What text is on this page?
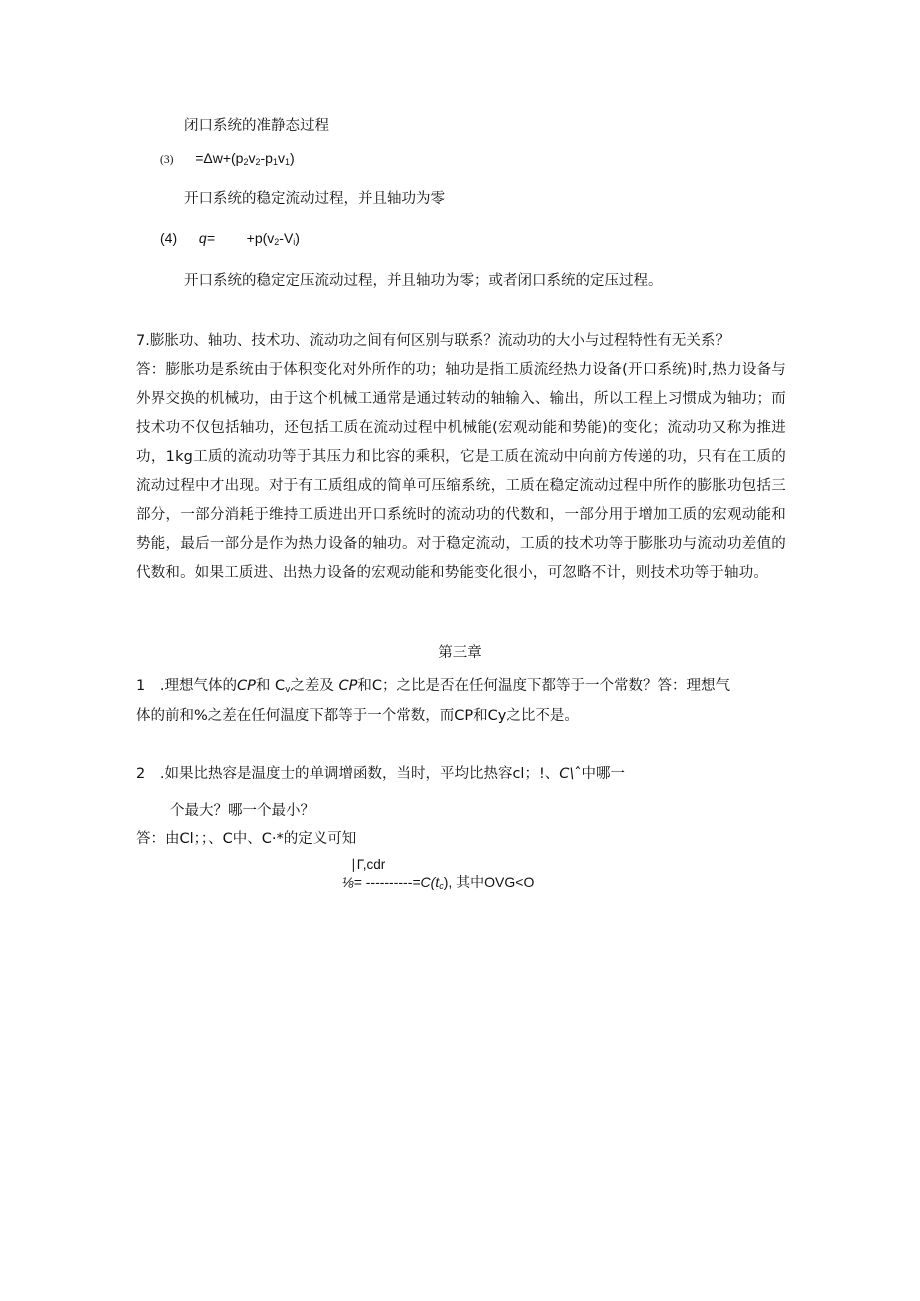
闭口系统的准静态过程
$(3) =\Delta w+(p_2v_2-p_1v_1)$
开口系统的稳定流动过程，并且轴功为零
(4) $q= +p(v_2-V_i)$
开口系统的稳定定压流动过程，并且轴功为零；或者闭口系统的定压过程。
7.膨胀功、轴功、技术功、流动功之间有何区别与联系？流动功的大小与过程特性有无关系？
答：膨胀功是系统由于体积变化对外所作的功；轴功是指工质流经热力设备(开口系统)时,热力设备与外界交换的机械功，由于这个机械工通常是通过转动的轴输入、输出，所以工程上习惯成为轴功；而技术功不仅包括轴功，还包括工质在流动过程中机械能(宏观动能和势能)的变化；流动功又称为推进功，1kg工质的流动功等于其压力和比容的乘积，它是工质在流动中向前方传递的功，只有在工质的流动过程中才出现。对于有工质组成的简单可压缩系统，工质在稳定流动过程中所作的膨胀功包括三部分，一部分消耗于维持工质进出开口系统时的流动功的代数和，一部分用于增加工质的宏观动能和势能，最后一部分是作为热力设备的轴功。对于稳定流动，工质的技术功等于膨胀功与流动功差值的代数和。如果工质进、出热力设备的宏观动能和势能变化很小，可忽略不计，则技术功等于轴功。
第三章
1 .理想气体的CP和 $C_v$之差及 CP和C；之比是否在任何温度下都等于一个常数？答：理想气
体的前和%之差在任何温度下都等于一个常数，而CP和Cy之比不是。
2 .如果比热容是温度士的单调增函数，当时，平均比热容cl；!、C\ˆ中哪一
个最大？哪一个最小？
答：由Cl；；、C中、C·*的定义可知
∣Γ,cdr
⅛= $----------=C(t_c)$, 其中OVG<O
